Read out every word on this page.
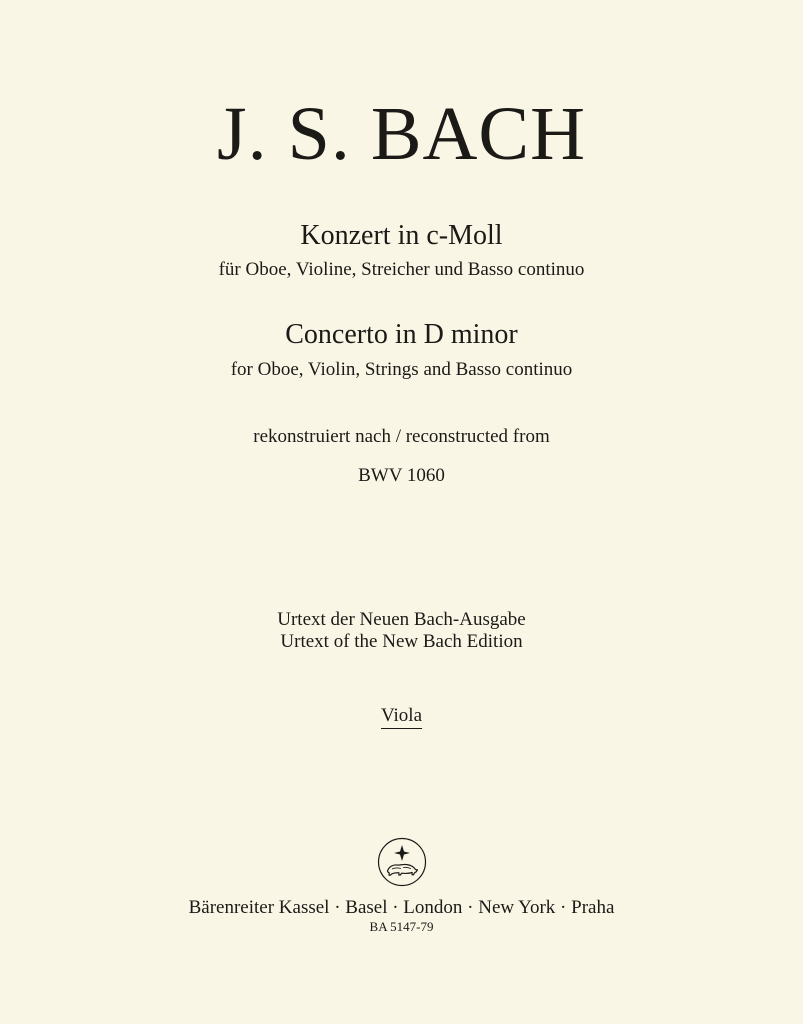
J. S. BACH
Konzert in c-Moll
für Oboe, Violine, Streicher und Basso continuo
Concerto in D minor
for Oboe, Violin, Strings and Basso continuo
rekonstruiert nach / reconstructed from
BWV 1060
Urtext der Neuen Bach-Ausgabe
Urtext of the New Bach Edition
Viola
Bärenreiter Kassel · Basel · London · New York · Praha
BA 5147-79
